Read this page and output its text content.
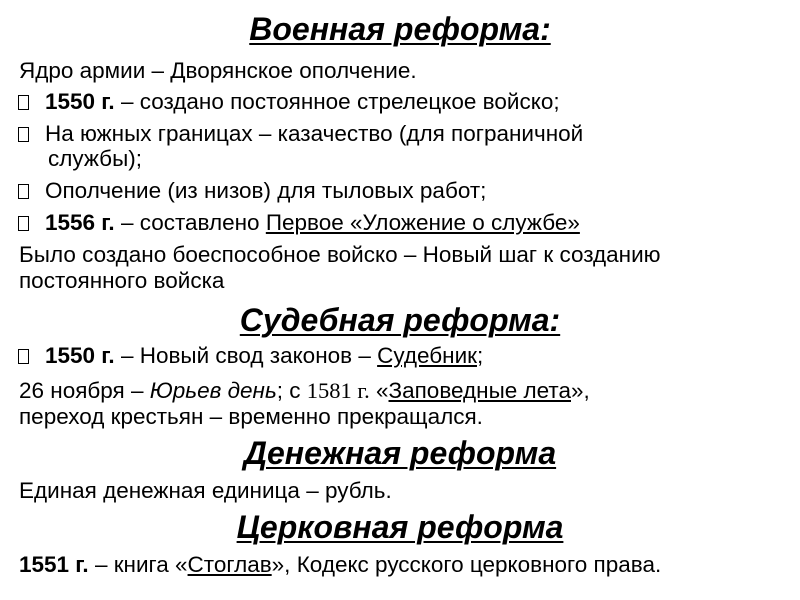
Военная реформа:
Ядро армии – Дворянское ополчение.
1550 г. – создано постоянное стрелецкое войско;
На южных границах – казачество (для пограничной
службы);
Ополчение (из низов) для тыловых работ;
1556 г. – составлено Первое «Уложение о службе»
Было создано боеспособное войско – Новый шаг к созданию
постоянного войска
Судебная реформа:
1550 г. – Новый свод законов – Судебник;
26 ноября – Юрьев день; с 1581 г. «Заповедные лета»,
переход крестьян – временно прекращался.
Денежная реформа
Единая денежная единица – рубль.
Церковная реформа
1551 г. – книга «Стоглав», Кодекс русского церковного права.
